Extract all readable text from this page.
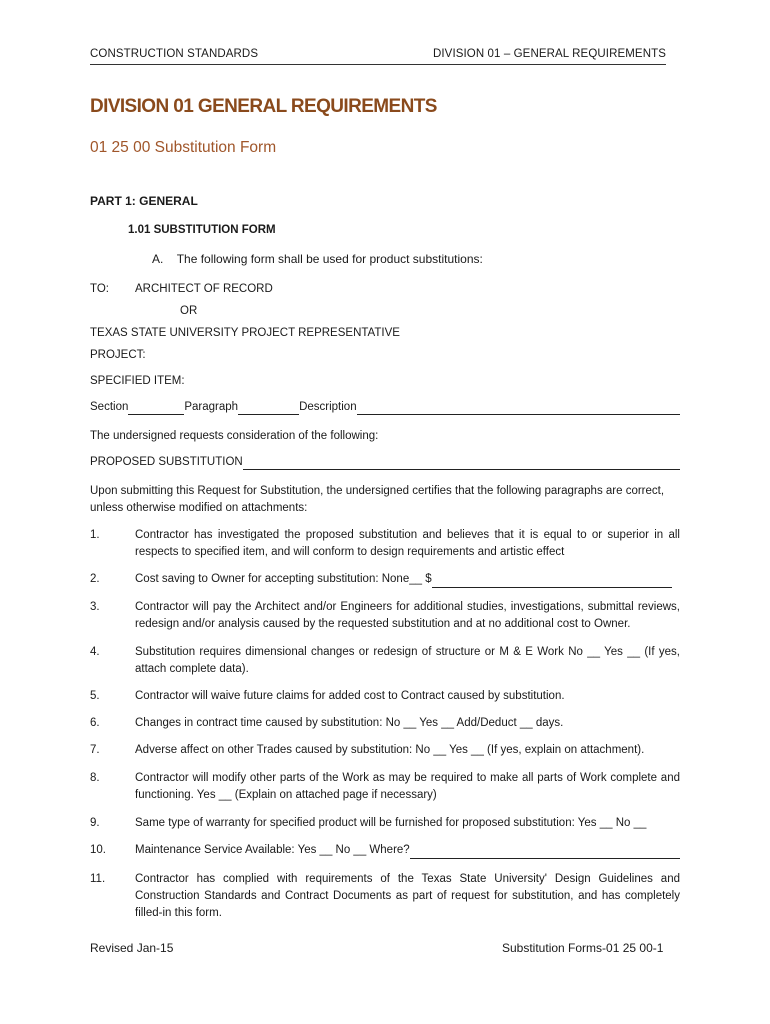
CONSTRUCTION STANDARDS	DIVISION 01 – GENERAL REQUIREMENTS
DIVISION 01 GENERAL REQUIREMENTS
01 25 00 Substitution Form
PART 1: GENERAL
1.01 SUBSTITUTION FORM
A. The following form shall be used for product substitutions:
TO: ARCHITECT OF RECORD
OR
TEXAS STATE UNIVERSITY PROJECT REPRESENTATIVE
PROJECT:
SPECIFIED ITEM:
Section	Paragraph	Description
The undersigned requests consideration of the following:
PROPOSED SUBSTITUTION
Upon submitting this Request for Substitution, the undersigned certifies that the following paragraphs are correct, unless otherwise modified on attachments:
1.	Contractor has investigated the proposed substitution and believes that it is equal to or superior in all respects to specified item, and will conform to design requirements and artistic effect
2.	Cost saving to Owner for accepting substitution: None__ $
3.	Contractor will pay the Architect and/or Engineers for additional studies, investigations, submittal reviews, redesign and/or analysis caused by the requested substitution and at no additional cost to Owner.
4.	Substitution requires dimensional changes or redesign of structure or M & E Work No __ Yes __ (If yes, attach complete data).
5.	Contractor will waive future claims for added cost to Contract caused by substitution.
6.	Changes in contract time caused by substitution: No __ Yes __ Add/Deduct __ days.
7.	Adverse affect on other Trades caused by substitution: No __ Yes __ (If yes, explain on attachment).
8.	Contractor will modify other parts of the Work as may be required to make all parts of Work complete and functioning. Yes __ (Explain on attached page if necessary)
9.	Same type of warranty for specified product will be furnished for proposed substitution: Yes __ No __
10.	Maintenance Service Available: Yes __ No __ Where?
11.	Contractor has complied with requirements of the Texas State University' Design Guidelines and Construction Standards and Contract Documents as part of request for substitution, and has completely filled-in this form.
Revised Jan-15	Substitution Forms-01 25 00-1
